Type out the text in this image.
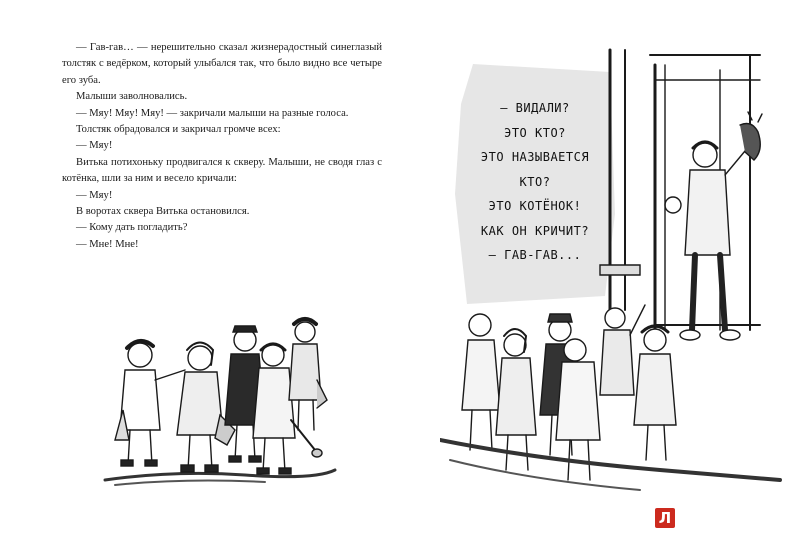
— Гав-гав… — нерешительно сказал жизнерадостный синеглазый толстяк с ведёрком, который улыбался так, что было видно все четыре его зуба.

Малыши заволновались.

— Мяу! Мяу! Мяу! — закричали малыши на разные голоса.

Толстяк обрадовался и закричал громче всех:

— Мяу!

Витька потихоньку продвигался к скверу. Малыши, не сводя глаз с котёнка, шли за ним и весело кричали:

— Мяу!

В воротах сквера Витька остановился.

— Кому дать погладить?

— Мне! Мне!

– ВИДАЛИ?
ЭТО КТО?
ЭТО НАЗЫВАЕТСЯ
КТО?
ЭТО КОТЁНОК!
КАК ОН КРИЧИТ?
– ГАВ-ГАВ...
Л
